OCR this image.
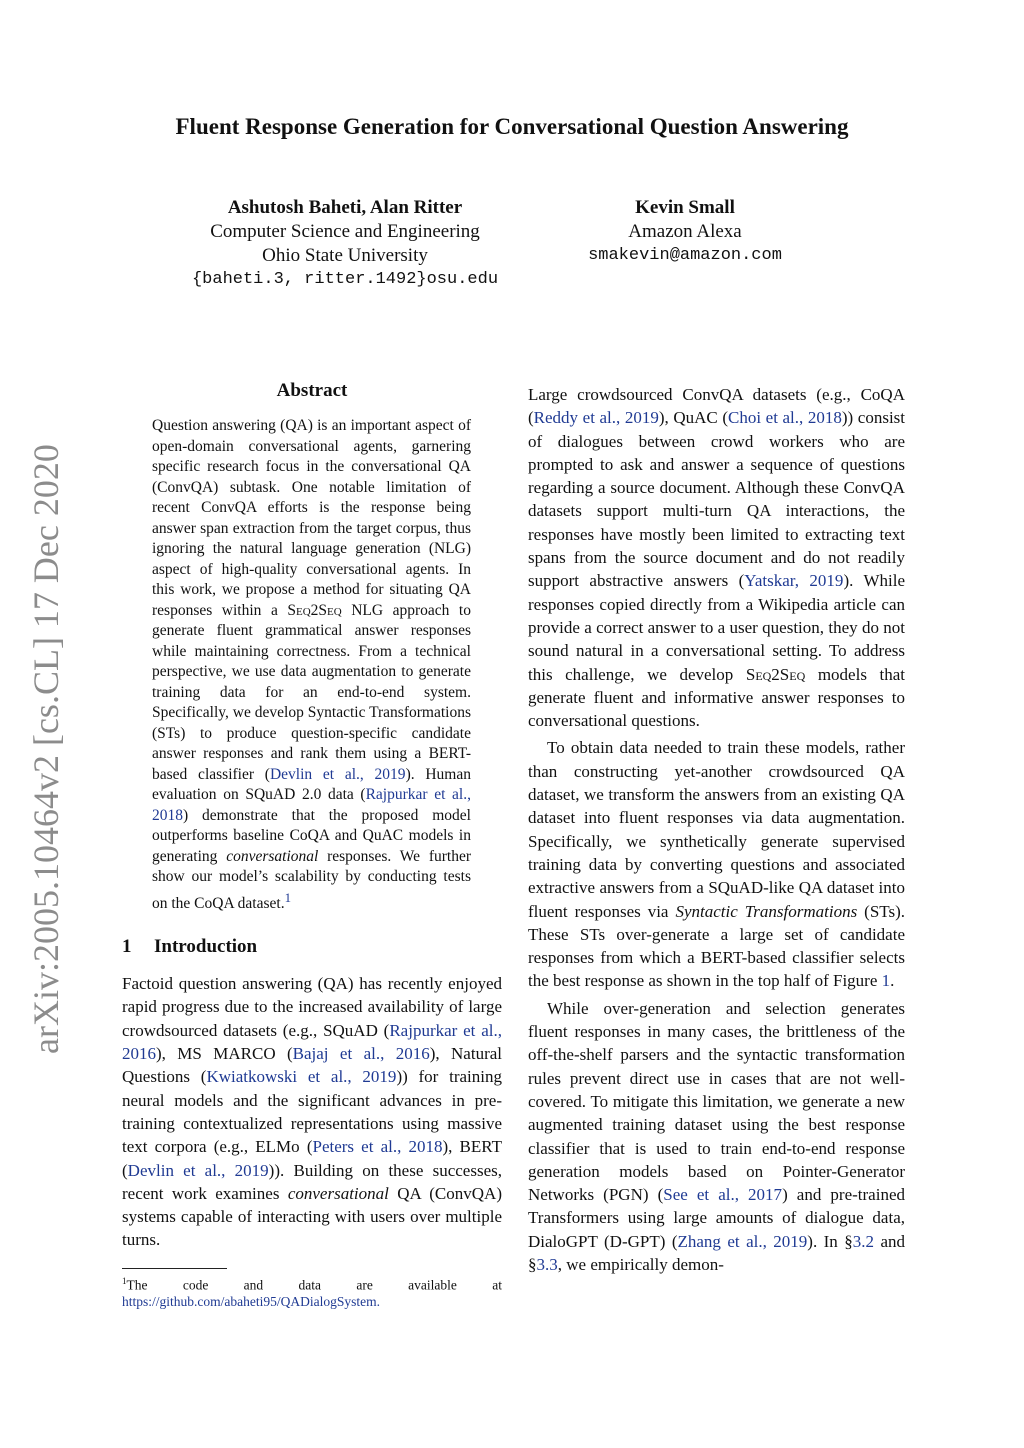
arXiv:2005.10464v2 [cs.CL] 17 Dec 2020
Fluent Response Generation for Conversational Question Answering
Ashutosh Baheti, Alan Ritter
Computer Science and Engineering
Ohio State University
{baheti.3, ritter.1492}osu.edu
Kevin Small
Amazon Alexa
smakevin@amazon.com
Abstract

Question answering (QA) is an important aspect of open-domain conversational agents, garnering specific research focus in the conversational QA (ConvQA) subtask. One notable limitation of recent ConvQA efforts is the response being answer span extraction from the target corpus, thus ignoring the natural language generation (NLG) aspect of high-quality conversational agents. In this work, we propose a method for situating QA responses within a Seq2Seq NLG approach to generate fluent grammatical answer responses while maintaining correctness. From a technical perspective, we use data augmentation to generate training data for an end-to-end system. Specifically, we develop Syntactic Transformations (STs) to produce question-specific candidate answer responses and rank them using a BERT-based classifier (Devlin et al., 2019). Human evaluation on SQuAD 2.0 data (Rajpurkar et al., 2018) demonstrate that the proposed model outperforms baseline CoQA and QuAC models in generating conversational responses. We further show our model’s scalability by conducting tests on the CoQA dataset.$^1$

1 Introduction

Factoid question answering (QA) has recently enjoyed rapid progress due to the increased availability of large crowdsourced datasets (e.g., SQuAD (Rajpurkar et al., 2016), MS MARCO (Bajaj et al., 2016), Natural Questions (Kwiatkowski et al., 2019)) for training neural models and the significant advances in pre-training contextualized representations using massive text corpora (e.g., ELMo (Peters et al., 2018), BERT (Devlin et al., 2019)). Building on these successes, recent work examines conversational QA (ConvQA) systems capable of interacting with users over multiple turns.

$^1$The code and data are available at https://github.com/abaheti95/QADialogSystem.

Large crowdsourced ConvQA datasets (e.g., CoQA (Reddy et al., 2019), QuAC (Choi et al., 2018)) consist of dialogues between crowd workers who are prompted to ask and answer a sequence of questions regarding a source document. Although these ConvQA datasets support multi-turn QA interactions, the responses have mostly been limited to extracting text spans from the source document and do not readily support abstractive answers (Yatskar, 2019). While responses copied directly from a Wikipedia article can provide a correct answer to a user question, they do not sound natural in a conversational setting. To address this challenge, we develop Seq2Seq models that generate fluent and informative answer responses to conversational questions.

To obtain data needed to train these models, rather than constructing yet-another crowdsourced QA dataset, we transform the answers from an existing QA dataset into fluent responses via data augmentation. Specifically, we synthetically generate supervised training data by converting questions and associated extractive answers from a SQuAD-like QA dataset into fluent responses via Syntactic Transformations (STs). These STs over-generate a large set of candidate responses from which a BERT-based classifier selects the best response as shown in the top half of Figure 1.

While over-generation and selection generates fluent responses in many cases, the brittleness of the off-the-shelf parsers and the syntactic transformation rules prevent direct use in cases that are not well-covered. To mitigate this limitation, we generate a new augmented training dataset using the best response classifier that is used to train end-to-end response generation models based on Pointer-Generator Networks (PGN) (See et al., 2017) and pre-trained Transformers using large amounts of dialogue data, DialoGPT (D-GPT) (Zhang et al., 2019). In §3.2 and §3.3, we empirically demon-
